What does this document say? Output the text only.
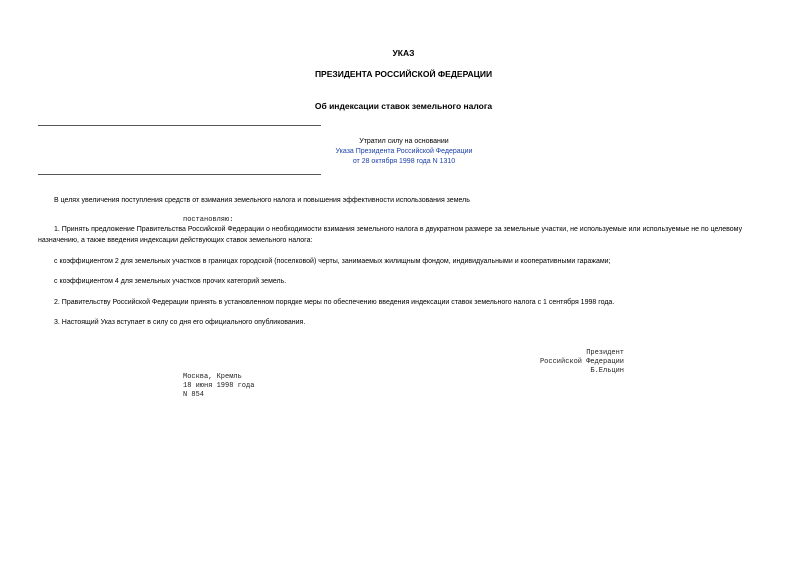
УКАЗ
ПРЕЗИДЕНТА РОССИЙСКОЙ ФЕДЕРАЦИИ
Об индексации ставок земельного налога
Утратил силу на основании
Указа Президента Российской Федерации
от 28 октября 1998 года N 1310
В целях увеличения поступления средств от взимания земельного налога и повышения эффективности использования земель
постановляю:
1. Принять предложение Правительства Российской Федерации о необходимости взимания земельного налога в двукратном размере за земельные участки, не используемые или используемые не по целевому назначению, а также введения индексации действующих ставок земельного налога:
с коэффициентом 2 для земельных участков в границах городской (поселковой) черты, занимаемых жилищным фондом, индивидуальными и кооперативными гаражами;
с коэффициентом 4 для земельных участков прочих категорий земель.
2. Правительству Российской Федерации принять в установленном порядке меры по обеспечению введения индексации ставок земельного налога с 1 сентября 1998 года.
3. Настоящий Указ вступает в силу со дня его официального опубликования.
Президент
Российской Федерации
Б.Ельцин
Москва, Кремль
18 июня 1998 года
N 854
